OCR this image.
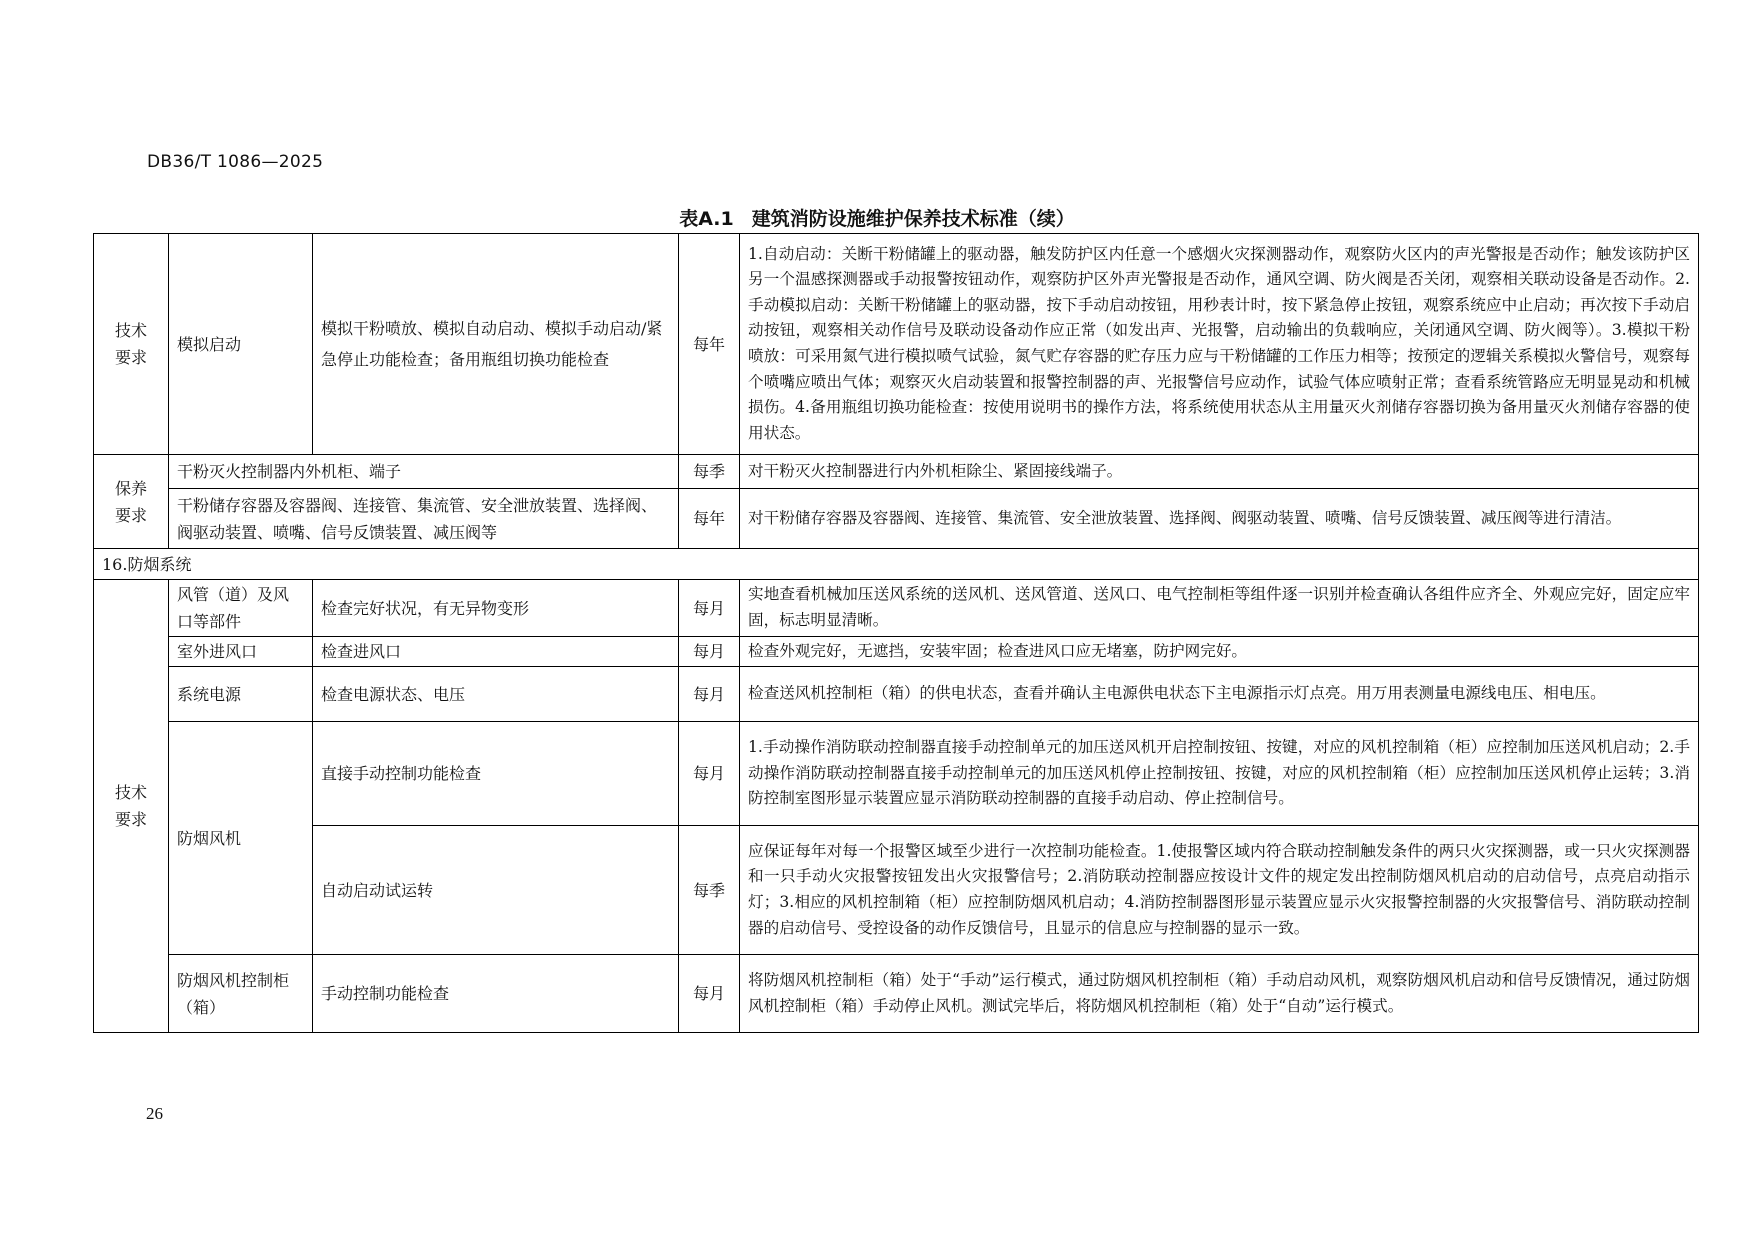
DB36/T 1086—2025
表A.1 建筑消防设施维护保养技术标准（续）
技术
要求	模拟启动	模拟干粉喷放、模拟自动启动、模拟手动启动/紧急停止功能检查；备用瓶组切换功能检查	每年	1.自动启动：关断干粉储罐上的驱动器，触发防护区内任意一个感烟火灾探测器动作，观察防火区内的声光警报是否动作；触发该防护区另一个温感探测器或手动报警按钮动作，观察防护区外声光警报是否动作，通风空调、防火阀是否关闭，观察相关联动设备是否动作。2.手动模拟启动：关断干粉储罐上的驱动器，按下手动启动按钮，用秒表计时，按下紧急停止按钮，观察系统应中止启动；再次按下手动启动按钮，观察相关动作信号及联动设备动作应正常（如发出声、光报警，启动输出的负载响应，关闭通风空调、防火阀等）。3.模拟干粉喷放：可采用氮气进行模拟喷气试验，氮气贮存容器的贮存压力应与干粉储罐的工作压力相等；按预定的逻辑关系模拟火警信号，观察每个喷嘴应喷出气体；观察灭火启动装置和报警控制器的声、光报警信号应动作，试验气体应喷射正常；查看系统管路应无明显晃动和机械损伤。4.备用瓶组切换功能检查：按使用说明书的操作方法，将系统使用状态从主用量灭火剂储存容器切换为备用量灭火剂储存容器的使用状态。
保养
要求	干粉灭火控制器内外机柜、端子		每季	对干粉灭火控制器进行内外机柜除尘、紧固接线端子。
	干粉储存容器及容器阀、连接管、集流管、安全泄放装置、选择阀、阀驱动装置、喷嘴、信号反馈装置、减压阀等		每年	对干粉储存容器及容器阀、连接管、集流管、安全泄放装置、选择阀、阀驱动装置、喷嘴、信号反馈装置、减压阀等进行清洁。
16.防烟系统				
技术
要求	风管（道）及风口等部件	检查完好状况，有无异物变形	每月	实地查看机械加压送风系统的送风机、送风管道、送风口、电气控制柜等组件逐一识别并检查确认各组件应齐全、外观应完好，固定应牢固，标志明显清晰。
	室外进风口	检查进风口	每月	检查外观完好，无遮挡，安装牢固；检查进风口应无堵塞，防护网完好。
	系统电源	检查电源状态、电压	每月	检查送风机控制柜（箱）的供电状态，查看并确认主电源供电状态下主电源指示灯点亮。用万用表测量电源线电压、相电压。
	防烟风机	直接手动控制功能检查	每月	1.手动操作消防联动控制器直接手动控制单元的加压送风机开启控制按钮、按键，对应的风机控制箱（柜）应控制加压送风机启动；2.手动操作消防联动控制器直接手动控制单元的加压送风机停止控制按钮、按键，对应的风机控制箱（柜）应控制加压送风机停止运转；3.消防控制室图形显示装置应显示消防联动控制器的直接手动启动、停止控制信号。
		自动启动试运转	每季	应保证每年对每一个报警区域至少进行一次控制功能检查。1.使报警区域内符合联动控制触发条件的两只火灾探测器，或一只火灾探测器和一只手动火灾报警按钮发出火灾报警信号；2.消防联动控制器应按设计文件的规定发出控制防烟风机启动的启动信号，点亮启动指示灯；3.相应的风机控制箱（柜）应控制防烟风机启动；4.消防控制器图形显示装置应显示火灾报警控制器的火灾报警信号、消防联动控制器的启动信号、受控设备的动作反馈信号，且显示的信息应与控制器的显示一致。
	防烟风机控制柜（箱）	手动控制功能检查	每月	将防烟风机控制柜（箱）处于“手动”运行模式，通过防烟风机控制柜（箱）手动启动风机，观察防烟风机启动和信号反馈情况，通过防烟风机控制柜（箱）手动停止风机。测试完毕后，将防烟风机控制柜（箱）处于“自动”运行模式。
26
